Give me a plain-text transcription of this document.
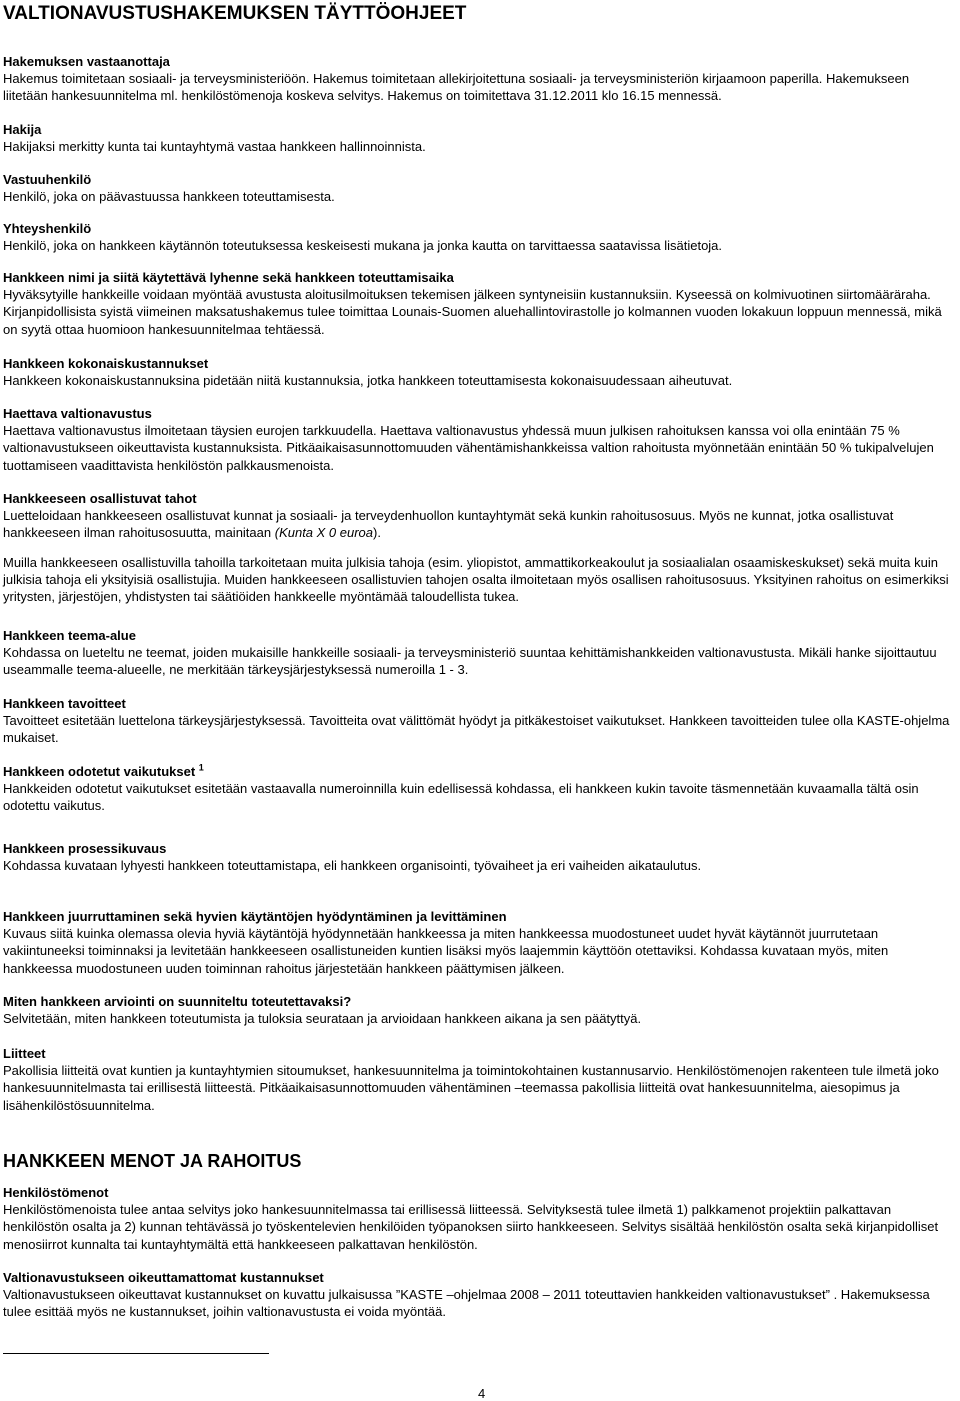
VALTIONAVUSTUSHAKEMUKSEN TÄYTTÖOHJEET
Hakemuksen vastaanottaja

Hakemus toimitetaan sosiaali- ja terveysministeriöön. Hakemus toimitetaan allekirjoitettuna sosiaali- ja terveysministeriön kirjaamoon paperilla. Hakemukseen liitetään hankesuunnitelma ml. henkilöstömenoja koskeva selvitys. Hakemus on toimitettava 31.12.2011 klo 16.15 mennessä.

Hakija

Hakijaksi merkitty kunta tai kuntayhtymä vastaa hankkeen hallinnoinnista.

Vastuuhenkilö

Henkilö, joka on päävastuussa hankkeen toteuttamisesta.

Yhteyshenkilö

Henkilö, joka on hankkeen käytännön toteutuksessa keskeisesti mukana ja jonka kautta on tarvittaessa saatavissa lisätietoja.

Hankkeen nimi ja siitä käytettävä lyhenne sekä hankkeen toteuttamisaika

Hyväksytyille hankkeille voidaan myöntää avustusta aloitusilmoituksen tekemisen jälkeen syntyneisiin kustannuksiin. Kyseessä on kolmivuotinen siirtomääräraha. Kirjanpidollisista syistä viimeinen maksatushakemus tulee toimittaa Lounais-Suomen aluehallintovirastolle jo kolmannen vuoden lokakuun loppuun mennessä, mikä on syytä ottaa huomioon hankesuunnitelmaa tehtäessä.

Hankkeen kokonaiskustannukset

Hankkeen kokonaiskustannuksina pidetään niitä kustannuksia, jotka hankkeen toteuttamisesta kokonaisuudessaan aiheutuvat.

Haettava valtionavustus

Haettava valtionavustus ilmoitetaan täysien eurojen tarkkuudella. Haettava valtionavustus yhdessä muun julkisen rahoituksen kanssa voi olla enintään 75 % valtionavustukseen oikeuttavista kustannuksista. Pitkäaikaisasunnottomuuden vähentämishankkeissa valtion rahoitusta myönnetään enintään 50 % tukipalvelujen tuottamiseen vaadittavista henkilöstön palkkausmenoista.

Hankkeeseen osallistuvat tahot

Luetteloidaan hankkeeseen osallistuvat kunnat ja sosiaali- ja terveydenhuollon kuntayhtymät sekä kunkin rahoitusosuus. Myös ne kunnat, jotka osallistuvat hankkeeseen ilman rahoitusosuutta, mainitaan (Kunta X 0 euroa).

Muilla hankkeeseen osallistuvilla tahoilla tarkoitetaan muita julkisia tahoja (esim. yliopistot, ammattikorkeakoulut ja sosiaalialan osaamiskeskukset) sekä muita kuin julkisia tahoja eli yksityisiä osallistujia. Muiden hankkeeseen osallistuvien tahojen osalta ilmoitetaan myös osallisen rahoitusosuus. Yksityinen rahoitus on esimerkiksi yritysten, järjestöjen, yhdistysten tai säätiöiden hankkeelle myöntämää taloudellista tukea.

Hankkeen teema-alue

Kohdassa on lueteltu ne teemat, joiden mukaisille hankkeille sosiaali- ja terveysministeriö suuntaa kehittämishankkeiden valtionavustusta. Mikäli hanke sijoittautuu useammalle teema-alueelle, ne merkitään tärkeysjärjestyksessä numeroilla 1 - 3.

Hankkeen tavoitteet

Tavoitteet esitetään luettelona tärkeysjärjestyksessä. Tavoitteita ovat välittömät hyödyt ja pitkäkestoiset vaikutukset. Hankkeen tavoitteiden tulee olla KASTE-ohjelma mukaiset.

Hankkeen odotetut vaikutukset $^1$

Hankkeiden odotetut vaikutukset esitetään vastaavalla numeroinnilla kuin edellisessä kohdassa, eli hankkeen kukin tavoite täsmennetään kuvaamalla tältä osin odotettu vaikutus.

Hankkeen prosessikuvaus

Kohdassa kuvataan lyhyesti hankkeen toteuttamistapa, eli hankkeen organisointi, työvaiheet ja eri vaiheiden aikataulutus.

Hankkeen juurruttaminen sekä hyvien käytäntöjen hyödyntäminen ja levittäminen

Kuvaus siitä kuinka olemassa olevia hyviä käytäntöjä hyödynnetään hankkeessa ja miten hankkeessa muodostuneet uudet hyvät käytännöt juurrutetaan vakiintuneeksi toiminnaksi ja levitetään hankkeeseen osallistuneiden kuntien lisäksi myös laajemmin käyttöön otettaviksi. Kohdassa kuvataan myös, miten hankkeessa muodostuneen uuden toiminnan rahoitus järjestetään hankkeen päättymisen jälkeen.

Miten hankkeen arviointi on suunniteltu toteutettavaksi?

Selvitetään, miten hankkeen toteutumista ja tuloksia seurataan ja arvioidaan hankkeen aikana ja sen päätyttyä.

Liitteet

Pakollisia liitteitä ovat kuntien ja kuntayhtymien sitoumukset, hankesuunnitelma ja toimintokohtainen kustannusarvio. Henkilöstömenojen rakenteen tule ilmetä joko hankesuunnitelmasta tai erillisestä liitteestä. Pitkäaikaisasunnottomuuden vähentäminen –teemassa pakollisia liitteitä ovat hankesuunnitelma, aiesopimus ja lisähenkilöstösuunnitelma.

HANKKEEN MENOT JA RAHOITUS
Henkilöstömenot

Henkilöstömenoista tulee antaa selvitys joko hankesuunnitelmassa tai erillisessä liitteessä. Selvityksestä tulee ilmetä 1) palkkamenot projektiin palkattavan henkilöstön osalta ja 2) kunnan tehtävässä jo työskentelevien henkilöiden työpanoksen siirto hankkeeseen. Selvitys sisältää henkilöstön osalta sekä kirjanpidolliset menosiirrot kunnalta tai kuntayhtymältä että hankkeeseen palkattavan henkilöstön.

Valtionavustukseen oikeuttamattomat kustannukset

Valtionavustukseen oikeuttavat kustannukset on kuvattu julkaisussa ”KASTE –ohjelmaa 2008 – 2011 toteuttavien hankkeiden valtionavustukset” . Hakemuksessa tulee esittää myös ne kustannukset, joihin valtionavustusta ei voida myöntää.

4
